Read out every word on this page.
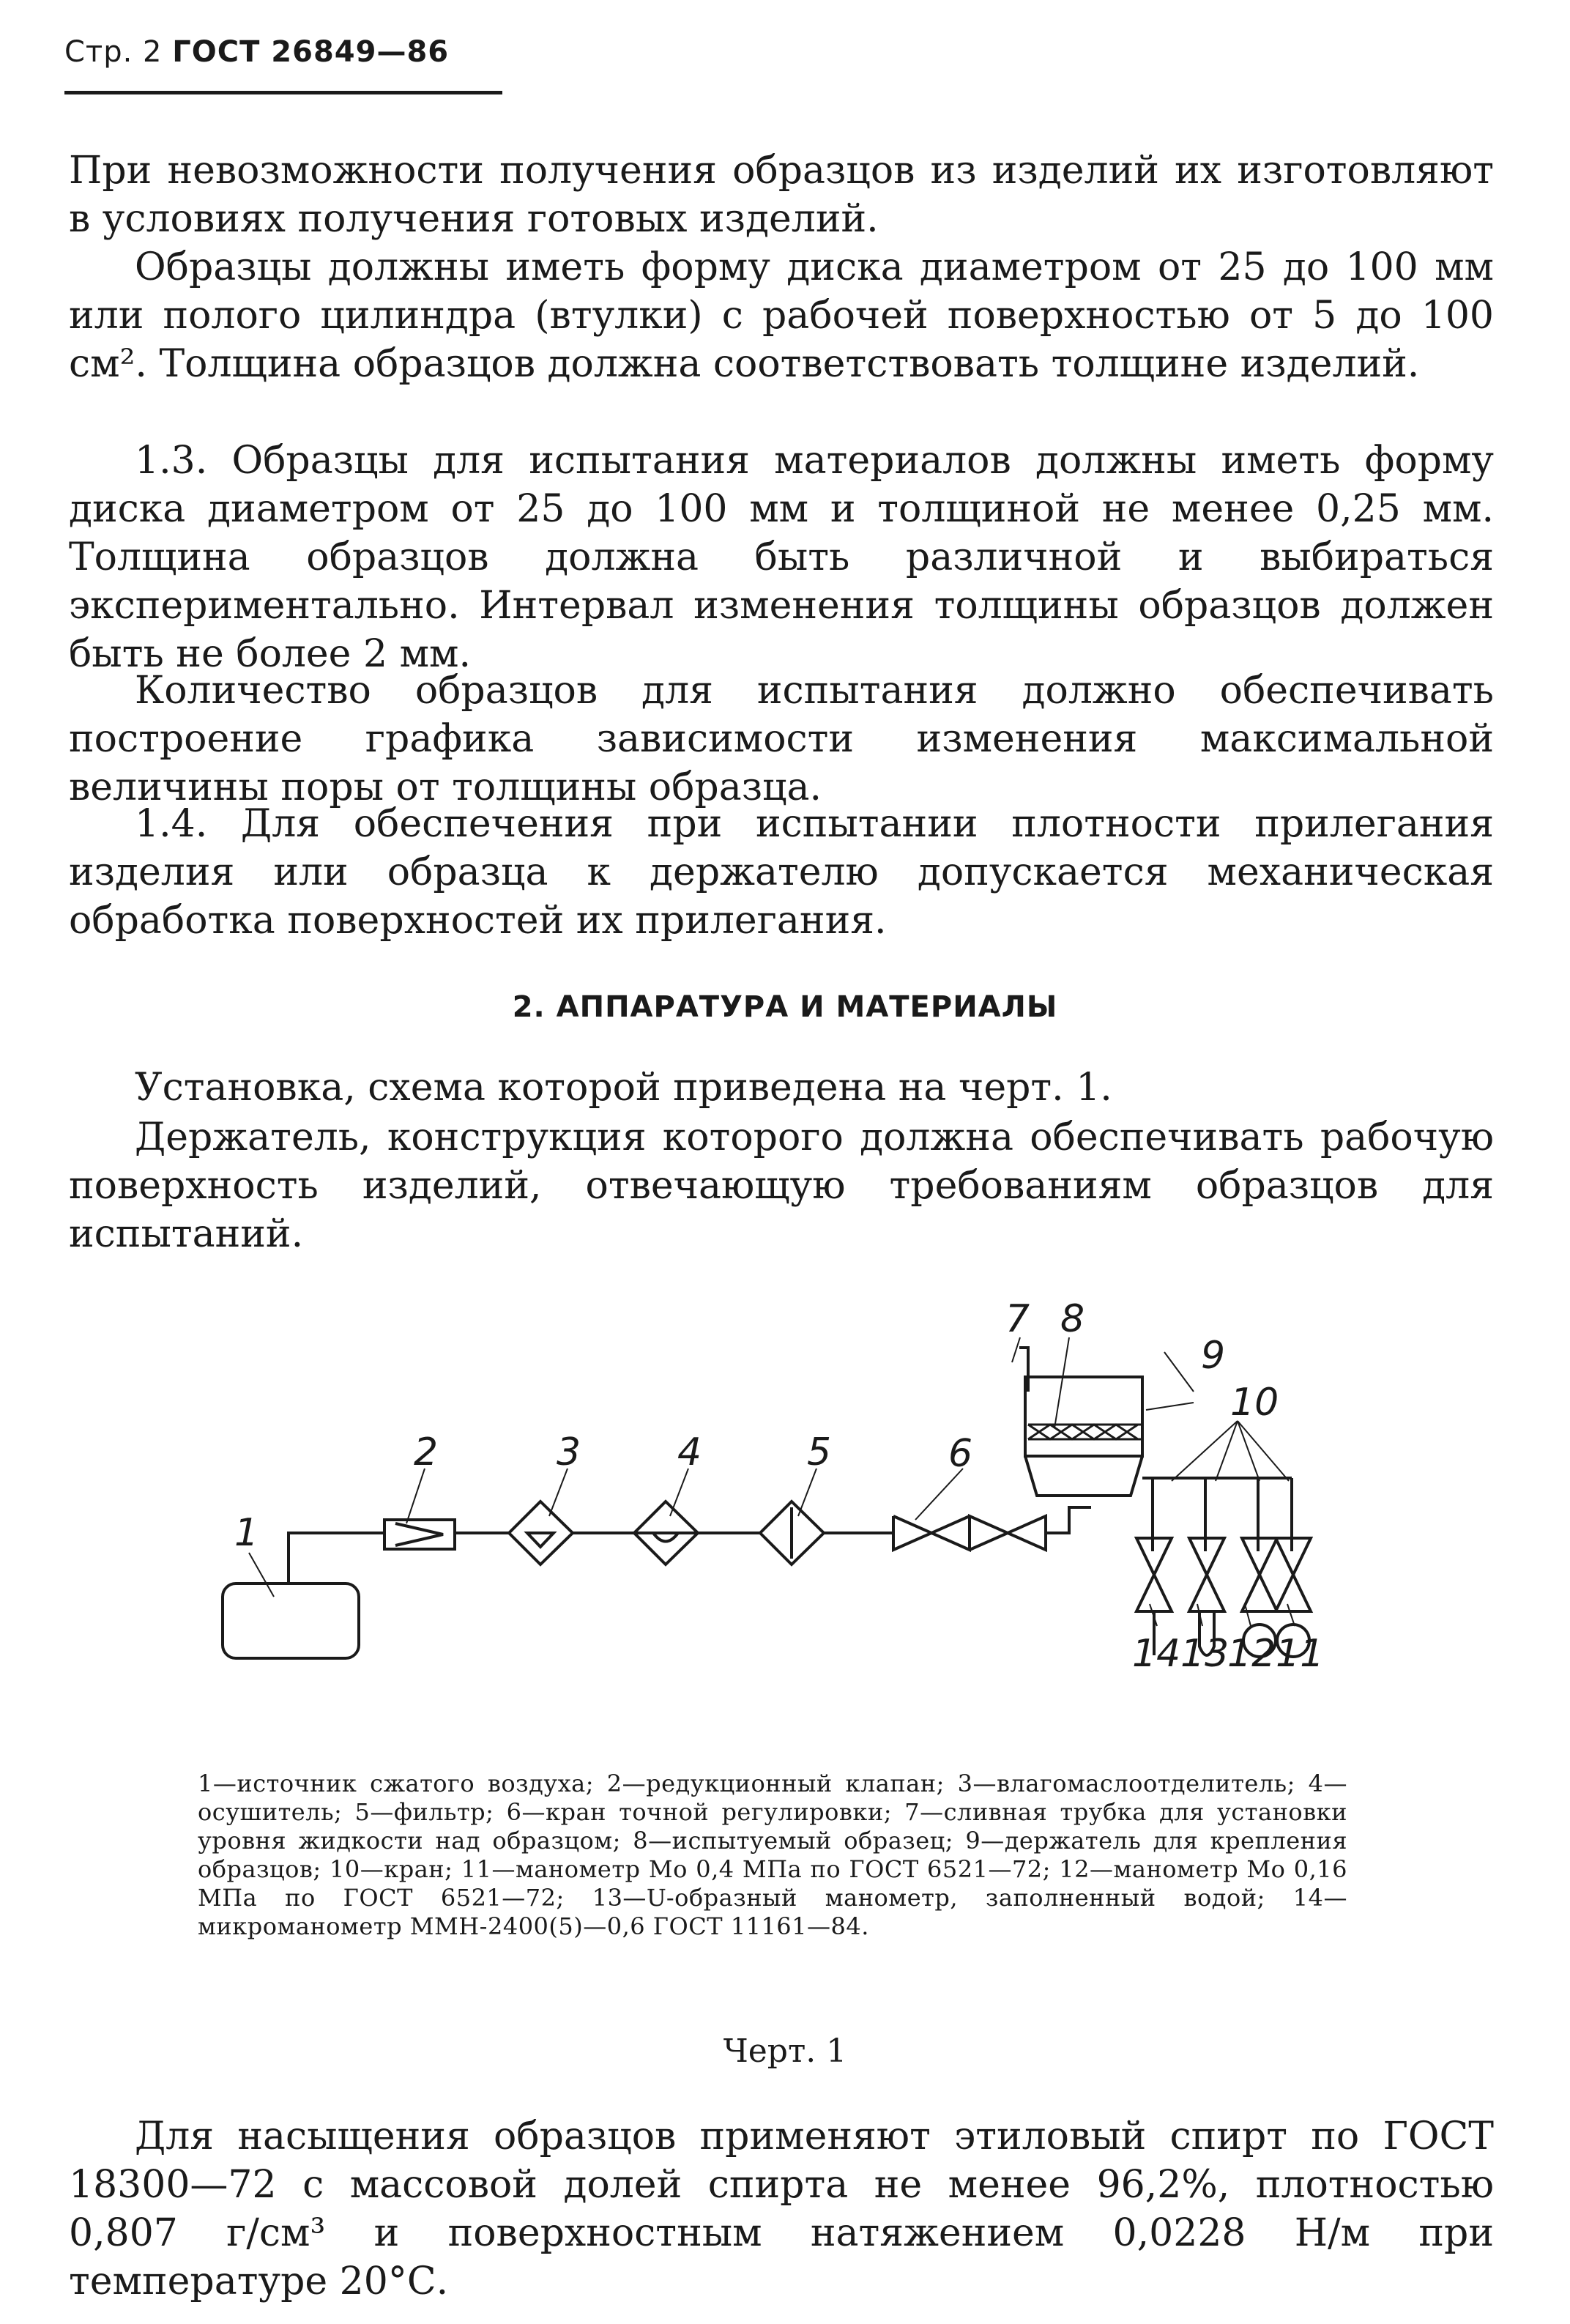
Стр. 2 ГОСТ 26849—86

При невозможности получения образцов из изделий их изготовляют в условиях получения готовых изделий.

Образцы должны иметь форму диска диаметром от 25 до 100 мм или полого цилиндра (втулки) с рабочей поверхностью от 5 до 100 см². Толщина образцов должна соответствовать толщине изделий.

1.3. Образцы для испытания материалов должны иметь форму диска диаметром от 25 до 100 мм и толщиной не менее 0,25 мм. Толщина образцов должна быть различной и выбираться экспериментально. Интервал изменения толщины образцов должен быть не более 2 мм.

Количество образцов для испытания должно обеспечивать построение графика зависимости изменения максимальной величины поры от толщины образца.

1.4. Для обеспечения при испытании плотности прилегания изделия или образца к держателю допускается механическая обработка поверхностей их прилегания.

2. АППАРАТУРА И МАТЕРИАЛЫ

Установка, схема которой приведена на черт. 1.

Держатель, конструкция которого должна обеспечивать рабочую поверхность изделий, отвечающую требованиям образцов для испытаний.

1
2	3	4	5	6
7 8
9
10
11
12
13
14

1—источник сжатого воздуха; 2—редукционный клапан; 3—влагомаслоотделитель; 4—осушитель; 5—фильтр; 6—кран точной регулировки; 7—сливная трубка для установки уровня жидкости над образцом; 8—испытуемый образец; 9—держатель для крепления образцов; 10—кран; 11—манометр Мо 0,4 МПа по ГОСТ 6521—72; 12—манометр Мо 0,16 МПа по ГОСТ 6521—72; 13—U-образный манометр, заполненный водой; 14—микроманометр ММН-2400(5)—0,6 ГОСТ 11161—84.

Черт. 1

Для насыщения образцов применяют этиловый спирт по ГОСТ 18300—72 с массовой долей спирта не менее 96,2%, плотностью 0,807 г/см³ и поверхностным натяжением 0,0228 Н/м при температуре 20°С.
